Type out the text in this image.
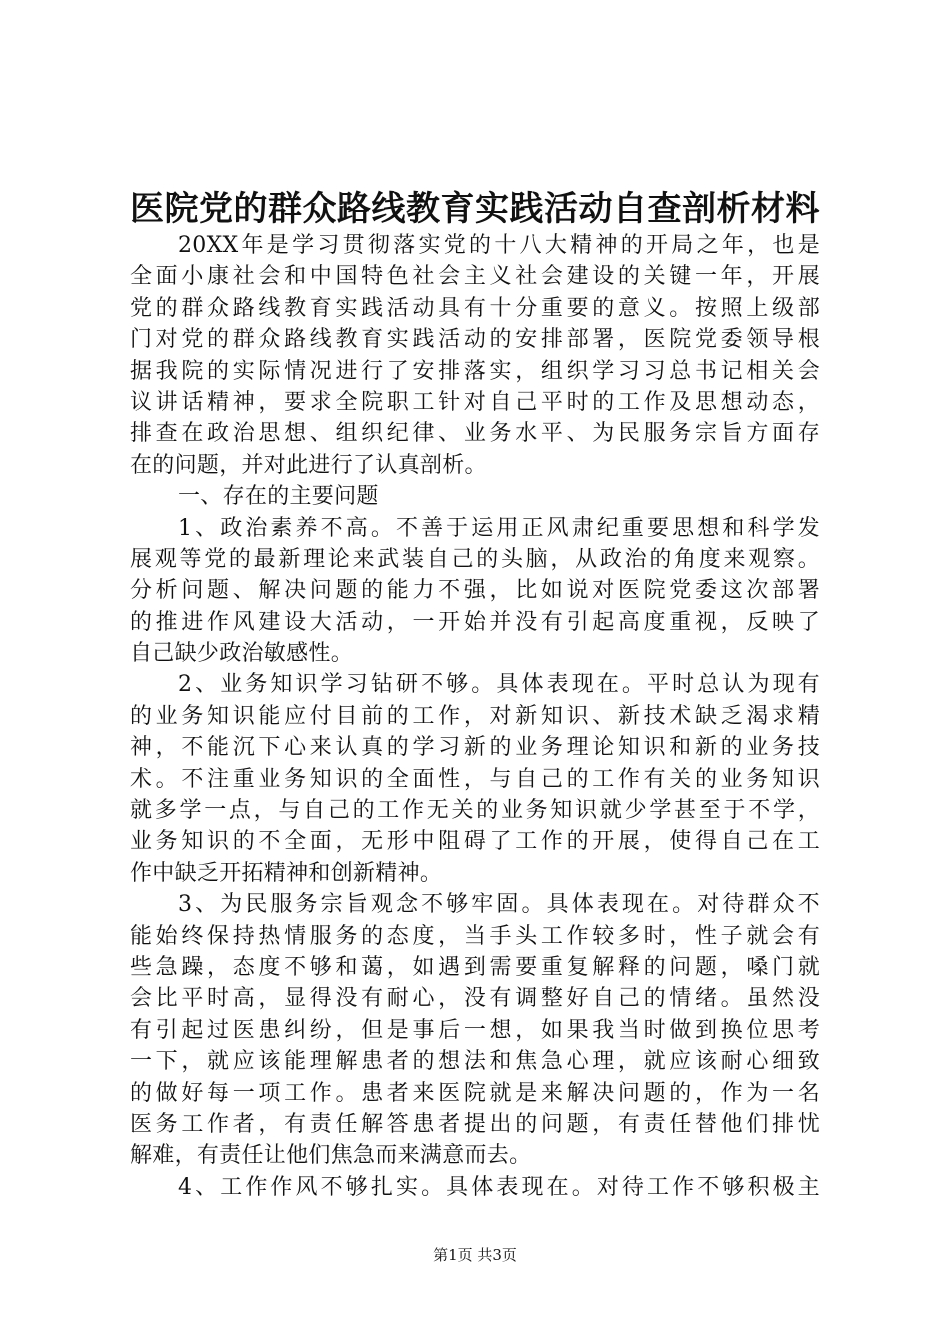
医院党的群众路线教育实践活动自查剖析材料
20XX年是学习贯彻落实党的十八大精神的开局之年，也是
全面小康社会和中国特色社会主义社会建设的关键一年，开展
党的群众路线教育实践活动具有十分重要的意义。按照上级部
门对党的群众路线教育实践活动的安排部署，医院党委领导根
据我院的实际情况进行了安排落实，组织学习习总书记相关会
议讲话精神，要求全院职工针对自己平时的工作及思想动态，
排查在政治思想、组织纪律、业务水平、为民服务宗旨方面存
在的问题，并对此进行了认真剖析。
一、存在的主要问题
1、政治素养不高。不善于运用正风肃纪重要思想和科学发
展观等党的最新理论来武装自己的头脑，从政治的角度来观察。
分析问题、解决问题的能力不强，比如说对医院党委这次部署
的推进作风建设大活动，一开始并没有引起高度重视，反映了
自己缺少政治敏感性。
2、业务知识学习钻研不够。具体表现在。平时总认为现有
的业务知识能应付目前的工作，对新知识、新技术缺乏渴求精
神，不能沉下心来认真的学习新的业务理论知识和新的业务技
术。不注重业务知识的全面性，与自己的工作有关的业务知识
就多学一点，与自己的工作无关的业务知识就少学甚至于不学，
业务知识的不全面，无形中阻碍了工作的开展，使得自己在工
作中缺乏开拓精神和创新精神。
3、为民服务宗旨观念不够牢固。具体表现在。对待群众不
能始终保持热情服务的态度，当手头工作较多时，性子就会有
些急躁，态度不够和蔼，如遇到需要重复解释的问题，嗓门就
会比平时高，显得没有耐心，没有调整好自己的情绪。虽然没
有引起过医患纠纷，但是事后一想，如果我当时做到换位思考
一下，就应该能理解患者的想法和焦急心理，就应该耐心细致
的做好每一项工作。患者来医院就是来解决问题的，作为一名
医务工作者，有责任解答患者提出的问题，有责任替他们排忧
解难，有责任让他们焦急而来满意而去。
4、工作作风不够扎实。具体表现在。对待工作不够积极主
第1页 共3页
